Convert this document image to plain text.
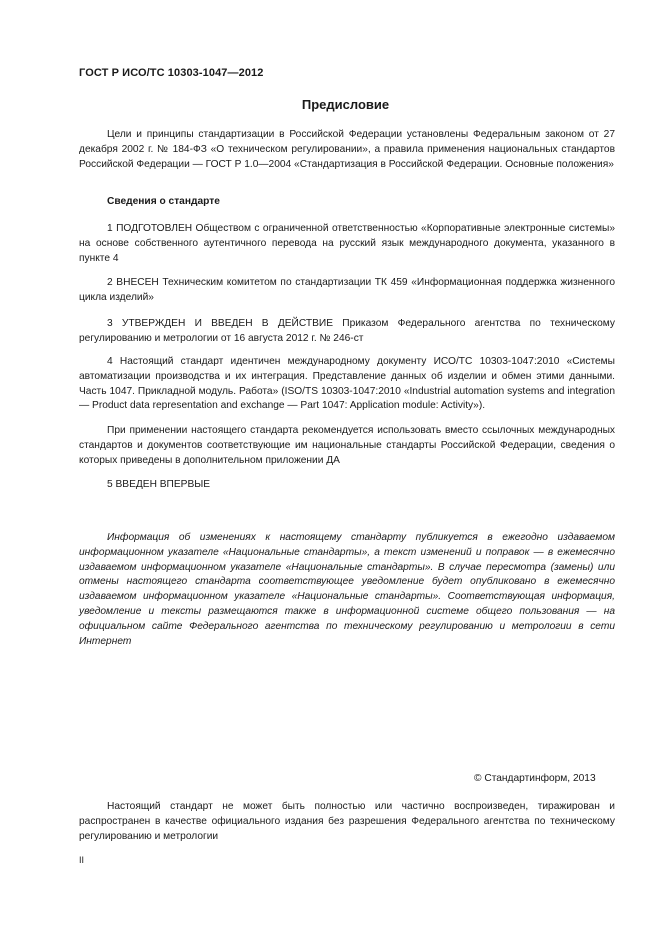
ГОСТ Р ИСО/ТС 10303-1047—2012
Предисловие

Цели и принципы стандартизации в Российской Федерации установлены Федеральным законом от 27 декабря 2002 г. № 184-ФЗ «О техническом регулировании», а правила применения национальных стандартов Российской Федерации — ГОСТ Р 1.0—2004 «Стандартизация в Российской Федерации. Основные положения»

Сведения о стандарте

1 ПОДГОТОВЛЕН Обществом с ограниченной ответственностью «Корпоративные электронные системы» на основе собственного аутентичного перевода на русский язык международного документа, указанного в пункте 4

2 ВНЕСЕН Техническим комитетом по стандартизации ТК 459 «Информационная поддержка жизненного цикла изделий»

3 УТВЕРЖДЕН И ВВЕДЕН В ДЕЙСТВИЕ Приказом Федерального агентства по техническому регулированию и метрологии от 16 августа 2012 г. № 246-ст

4 Настоящий стандарт идентичен международному документу ИСО/ТС 10303-1047:2010 «Системы автоматизации производства и их интеграция. Представление данных об изделии и обмен этими данными. Часть 1047. Прикладной модуль. Работа» (ISO/TS 10303-1047:2010 «Industrial automation systems and integration — Product data representation and exchange — Part 1047: Application module: Activity»).

При применении настоящего стандарта рекомендуется использовать вместо ссылочных международных стандартов и документов соответствующие им национальные стандарты Российской Федерации, сведения о которых приведены в дополнительном приложении ДА

5 ВВЕДЕН ВПЕРВЫЕ

Информация об изменениях к настоящему стандарту публикуется в ежегодно издаваемом информационном указателе «Национальные стандарты», а текст изменений и поправок — в ежемесячно издаваемом информационном указателе «Национальные стандарты». В случае пересмотра (замены) или отмены настоящего стандарта соответствующее уведомление будет опубликовано в ежемесячно издаваемом информационном указателе «Национальные стандарты». Соответствующая информация, уведомление и тексты размещаются также в информационной системе общего пользования — на официальном сайте Федерального агентства по техническому регулированию и метрологии в сети Интернет

© Стандартинформ, 2013

Настоящий стандарт не может быть полностью или частично воспроизведен, тиражирован и распространен в качестве официального издания без разрешения Федерального агентства по техническому регулированию и метрологии

II
